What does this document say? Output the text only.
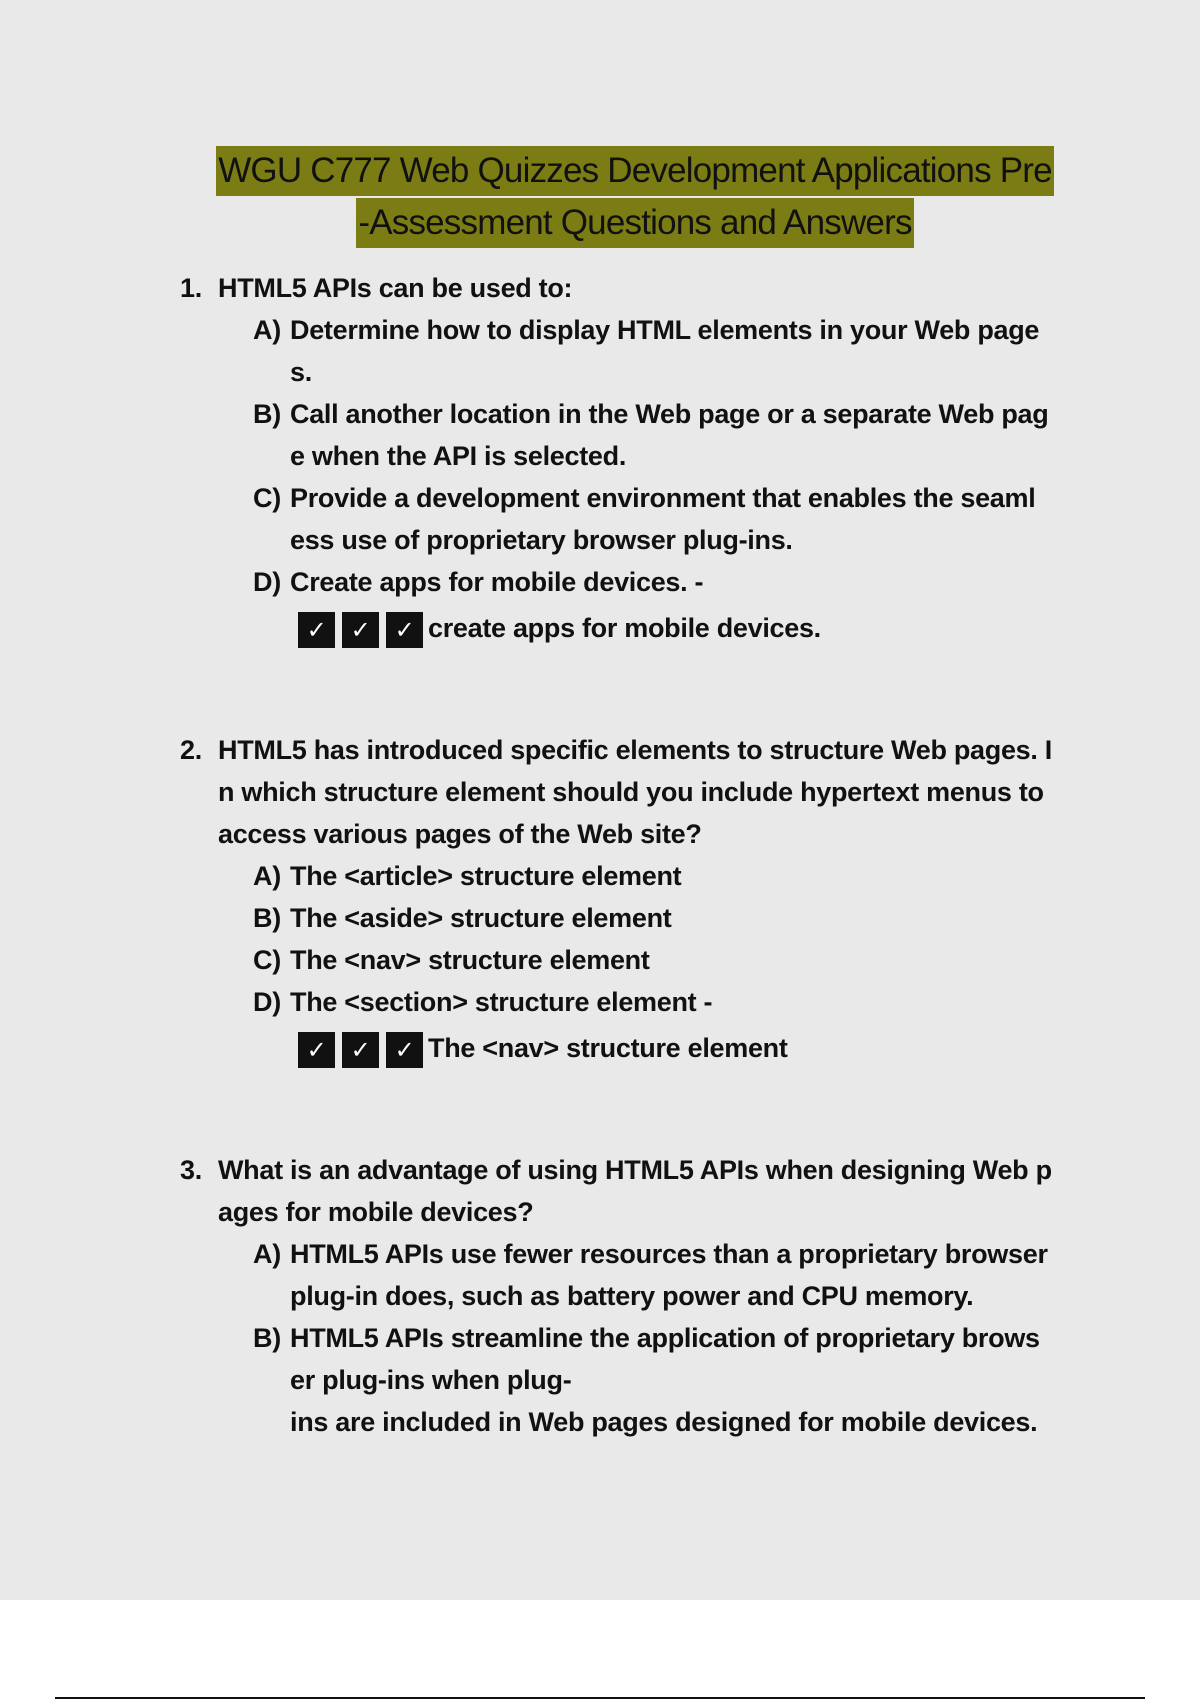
WGU C777 Web Quizzes Development Applications Pre
-Assessment Questions and Answers
1. HTML5 APIs can be used to:
A) Determine how to display HTML elements in your Web page
s.
B) Call another location in the Web page or a separate Web pag
e when the API is selected.
C) Provide a development environment that enables the seaml
ess use of proprietary browser plug-ins.
D) Create apps for mobile devices. -
✓	✓	✓ create apps for mobile devices.
2. HTML5 has introduced specific elements to structure Web pages. I
n which structure element should you include hypertext menus to
access various pages of the Web site?
A) The <article> structure element
B) The <aside> structure element
C) The <nav> structure element
D) The <section> structure element -
✓	✓	✓ The <nav> structure element
3. What is an advantage of using HTML5 APIs when designing Web p
ages for mobile devices?
A) HTML5 APIs use fewer resources than a proprietary browser
plug-in does, such as battery power and CPU memory.
B) HTML5 APIs streamline the application of proprietary brows
er plug-ins when plug-
ins are included in Web pages designed for mobile devices.
